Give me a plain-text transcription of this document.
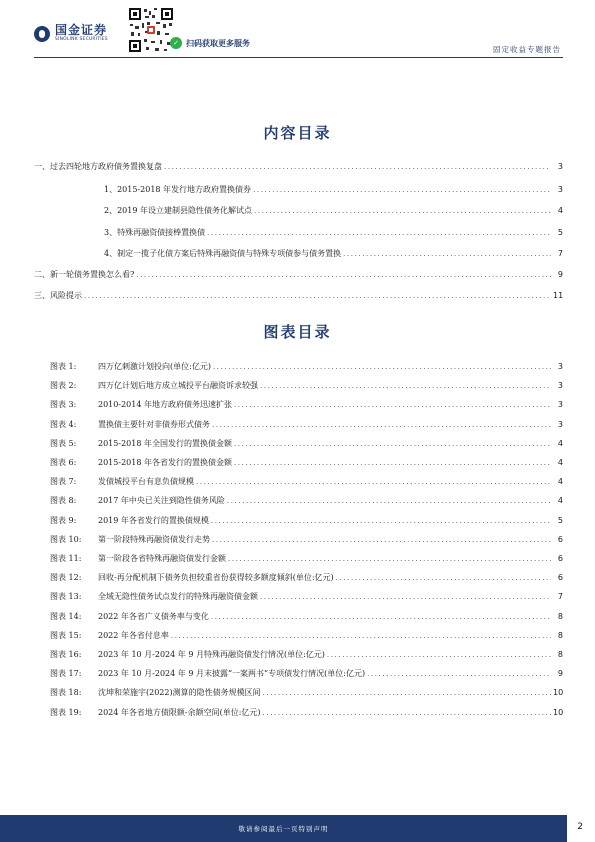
国金证券
SINOLINK SECURITIES	✓ 扫码获取更多服务
固定收益专题报告
内容目录
一、过去四轮地方政府债务置换复盘 .....	3
1、2015-2018 年发行地方政府置换债券 .....	3
2、2019 年设立建制县隐性债务化解试点 .....	4
3、特殊再融资债接棒置换债 .....	5
4、制定一揽子化债方案后特殊再融资债与特殊专项债参与债务置换 .....	7
二、新一轮债务置换怎么看? .....	9
三、风险提示 .....	11
图表目录
图表 1:	四万亿刺激计划投向(单位:亿元) .....	3
图表 2:	四万亿计划后地方成立城投平台融资诉求较强 .....	3
图表 3:	2010-2014 年地方政府债务迅速扩张 .....	3
图表 4:	置换债主要针对非债券形式债务 .....	3
图表 5:	2015-2018 年全国发行的置换债金额 .....	4
图表 6:	2015-2018 年各省发行的置换债金额 .....	4
图表 7:	发债城投平台有息负债规模 .....	4
图表 8:	2017 年中央已关注到隐性债务风险 .....	4
图表 9:	2019 年各省发行的置换债规模 .....	5
图表 10: 第一阶段特殊再融资债发行走势 .....	6
图表 11: 第一阶段各省特殊再融资债发行金额 .....	6
图表 12: 回收-再分配机制下债务负担较重省份获得较多额度倾斜(单位:亿元) .....	6
图表 13: 全域无隐性债务试点发行的特殊再融资债金额 .....	7
图表 14: 2022 年各省广义债务率与变化 .....	8
图表 15: 2022 年各省付息率 .....	8
图表 16: 2023 年 10 月-2024 年 9 月特殊再融资债发行情况(单位:亿元) .....	8
图表 17: 2023 年 10 月-2024 年 9 月末披露“一案两书”专项债发行情况(单位:亿元) .....	9
图表 18: 沈坤和荣施宇(2022)测算的隐性债务规模区间 .....	10
图表 19: 2024 年各省地方债限额-余额空间(单位:亿元) .....	10
敬请参阅最后一页特别声明	2
